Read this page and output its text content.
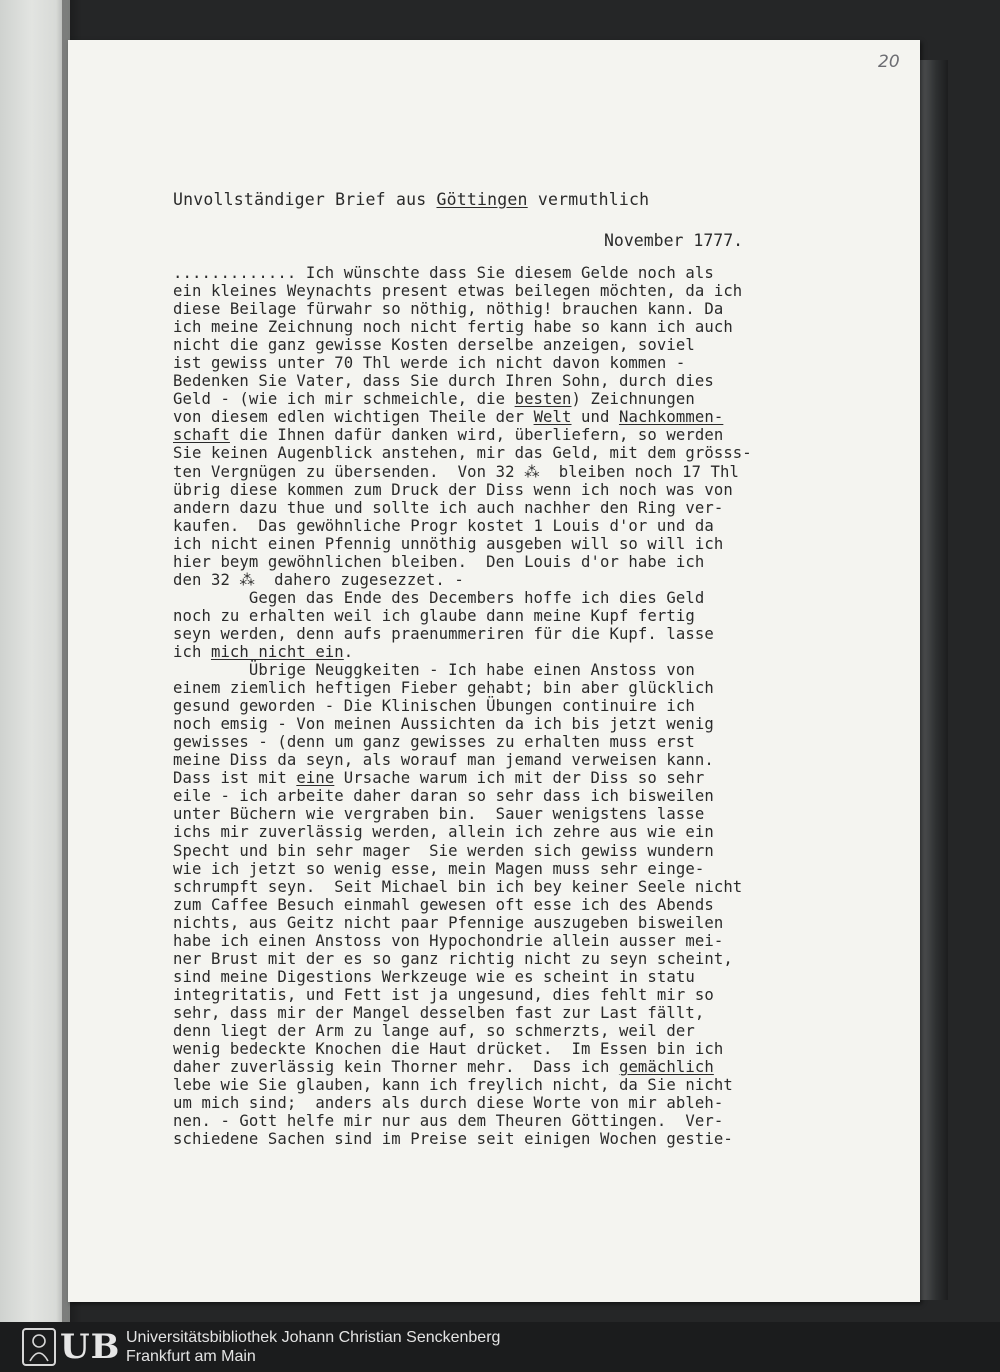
20
Unvollständiger Brief aus Göttingen vermuthlich
November 1777.
............. Ich wünschte dass Sie diesem Gelde noch als
ein kleines Weynachts present etwas beilegen möchten, da ich
diese Beilage fürwahr so nöthig, nöthig! brauchen kann. Da
ich meine Zeichnung noch nicht fertig habe so kann ich auch
nicht die ganz gewisse Kosten derselbe anzeigen, soviel
ist gewiss unter 70 Thl werde ich nicht davon kommen -
Bedenken Sie Vater, dass Sie durch Ihren Sohn, durch dies
Geld - (wie ich mir schmeichle, die besten) Zeichnungen
von diesem edlen wichtigen Theile der Welt und Nachkommen-
schaft die Ihnen dafür danken wird, überliefern, so werden
Sie keinen Augenblick anstehen, mir das Geld, mit dem grösss-
ten Vergnügen zu übersenden.  Von 32 ⁂  bleiben noch 17 Thl
übrig diese kommen zum Druck der Diss wenn ich noch was von
andern dazu thue und sollte ich auch nachher den Ring ver-
kaufen.  Das gewöhnliche Progr kostet 1 Louis d'or und da
ich nicht einen Pfennig unnöthig ausgeben will so will ich
hier beym gewöhnlichen bleiben.  Den Louis d'or habe ich
den 32 ⁂  dahero zugesezzet. -
Gegen das Ende des Decembers hoffe ich dies Geld
noch zu erhalten weil ich glaube dann meine Kupf fertig
seyn werden, denn aufs praenummeriren für die Kupf. lasse
ich mich nicht ein.
Übrige Neuggkeiten - Ich habe einen Anstoss von
einem ziemlich heftigen Fieber gehabt; bin aber glücklich
gesund geworden - Die Klinischen Übungen continuire ich
noch emsig - Von meinen Aussichten da ich bis jetzt wenig
gewisses - (denn um ganz gewisses zu erhalten muss erst
meine Diss da seyn, als worauf man jemand verweisen kann.
Dass ist mit eine Ursache warum ich mit der Diss so sehr
eile - ich arbeite daher daran so sehr dass ich bisweilen
unter Büchern wie vergraben bin.  Sauer wenigstens lasse
ichs mir zuverlässig werden, allein ich zehre aus wie ein
Specht und bin sehr mager  Sie werden sich gewiss wundern
wie ich jetzt so wenig esse, mein Magen muss sehr einge-
schrumpft seyn.  Seit Michael bin ich bey keiner Seele nicht
zum Caffee Besuch einmahl gewesen oft esse ich des Abends
nichts, aus Geitz nicht paar Pfennige auszugeben bisweilen
habe ich einen Anstoss von Hypochondrie allein ausser mei-
ner Brust mit der es so ganz richtig nicht zu seyn scheint,
sind meine Digestions Werkzeuge wie es scheint in statu
integritatis, und Fett ist ja ungesund, dies fehlt mir so
sehr, dass mir der Mangel desselben fast zur Last fällt,
denn liegt der Arm zu lange auf, so schmerzts, weil der
wenig bedeckte Knochen die Haut drücket.  Im Essen bin ich
daher zuverlässig kein Thorner mehr.  Dass ich gemächlich
lebe wie Sie glauben, kann ich freylich nicht, da Sie nicht
um mich sind;  anders als durch diese Worte von mir ableh-
nen. - Gott helfe mir nur aus dem Theuren Göttingen.  Ver-
schiedene Sachen sind im Preise seit einigen Wochen gestie-
UB Universitätsbibliothek Johann Christian Senckenberg
Frankfurt am Main
